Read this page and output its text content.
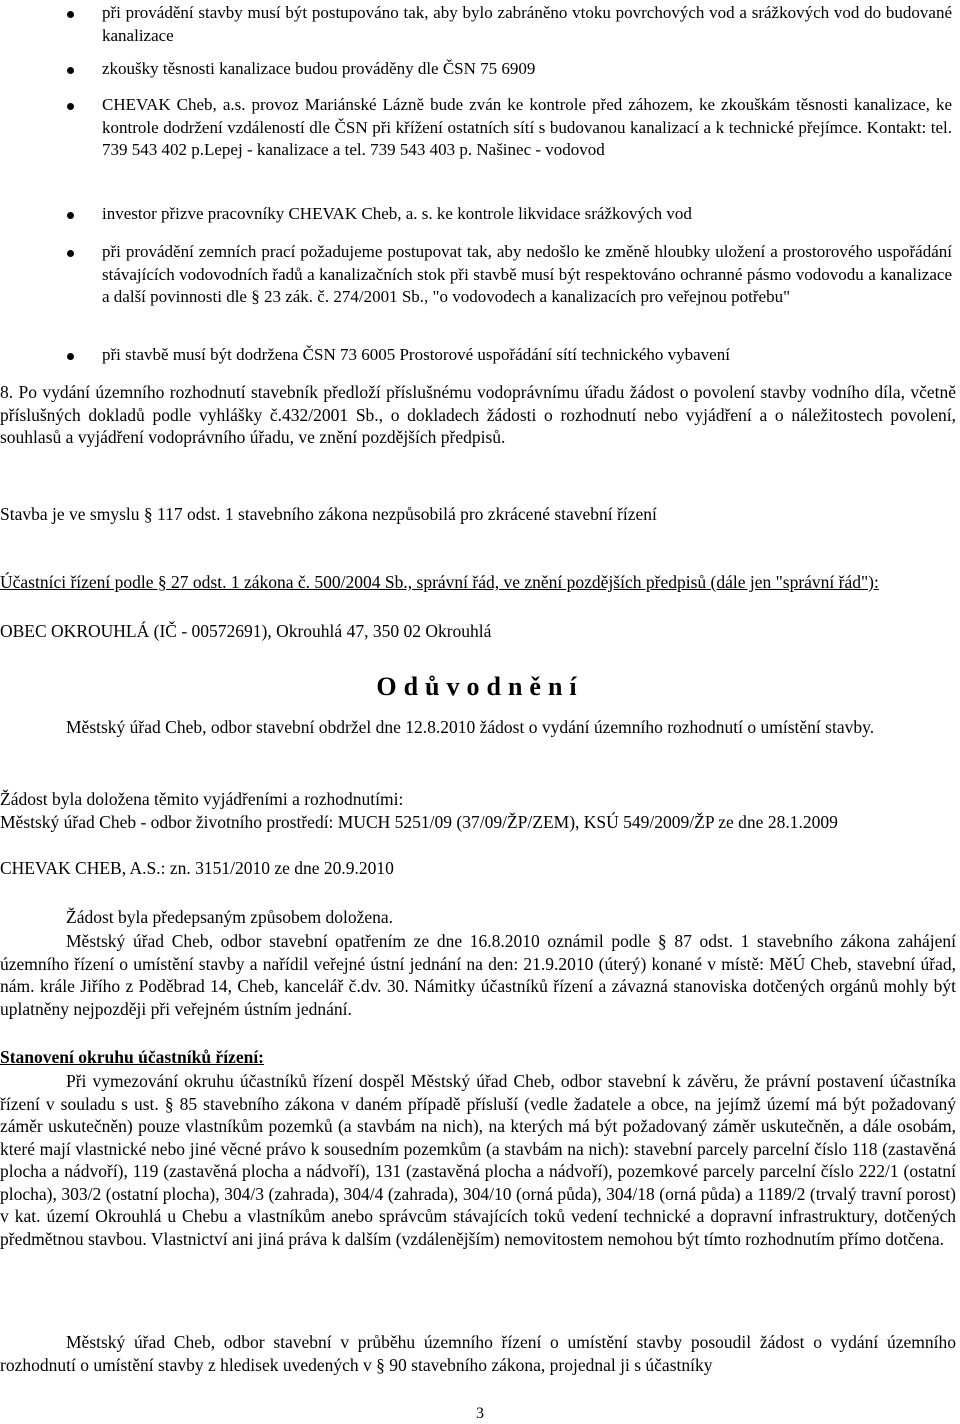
při provádění stavby musí být postupováno tak, aby bylo zabráněno vtoku povrchových vod a srážkových vod do budované kanalizace
zkoušky těsnosti kanalizace budou prováděny dle ČSN 75 6909
CHEVAK Cheb, a.s. provoz Mariánské Lázně bude zván ke kontrole před záhozem, ke zkouškám těsnosti kanalizace, ke kontrole dodržení vzdáleností dle ČSN při křížení ostatních sítí s budovanou kanalizací a k technické přejímce. Kontakt: tel. 739 543 402 p.Lepej - kanalizace a tel. 739 543 403 p. Našinec - vodovod
investor přizve pracovníky CHEVAK Cheb, a. s. ke kontrole likvidace srážkových vod
při provádění zemních prací požadujeme postupovat tak, aby nedošlo ke změně hloubky uložení a prostorového uspořádání stávajících vodovodních řadů a kanalizačních stok při stavbě musí být respektováno ochranné pásmo vodovodu a kanalizace a další povinnosti dle § 23 zák. č. 274/2001 Sb., "o vodovodech a kanalizacích pro veřejnou potřebu"
při stavbě musí být dodržena ČSN 73 6005 Prostorové uspořádání sítí technického vybavení

8. Po vydání územního rozhodnutí stavebník předloží příslušnému vodoprávnímu úřadu žádost o povolení stavby vodního díla, včetně příslušných dokladů podle vyhlášky č.432/2001 Sb., o dokladech žádosti o rozhodnutí nebo vyjádření a o náležitostech povolení, souhlasů a vyjádření vodoprávního úřadu, ve znění pozdějších předpisů.

Stavba je ve smyslu § 117 odst. 1 stavebního zákona nezpůsobilá pro zkrácené stavební řízení

Účastníci řízení podle § 27 odst. 1 zákona č. 500/2004 Sb., správní řád, ve znění pozdějších předpisů (dále jen "správní řád"):

OBEC OKROUHLÁ (IČ - 00572691), Okrouhlá 47, 350 02 Okrouhlá

Odůvodnění

Městský úřad Cheb, odbor stavební obdržel dne 12.8.2010 žádost o vydání územního rozhodnutí o umístění stavby.

Žádost byla doložena těmito vyjádřeními a rozhodnutími:

Městský úřad Cheb - odbor životního prostředí: MUCH 5251/09 (37/09/ŽP/ZEM), KSÚ 549/2009/ŽP ze dne 28.1.2009

CHEVAK CHEB, A.S.: zn. 3151/2010 ze dne 20.9.2010

Žádost byla předepsaným způsobem doložena.

Městský úřad Cheb, odbor stavební opatřením ze dne 16.8.2010 oznámil podle § 87 odst. 1 stavebního zákona zahájení územního řízení o umístění stavby a nařídil veřejné ústní jednání na den: 21.9.2010 (úterý) konané v místě: MěÚ Cheb, stavební úřad, nám. krále Jiřího z Poděbrad 14, Cheb, kancelář č.dv. 30. Námitky účastníků řízení a závazná stanoviska dotčených orgánů mohly být uplatněny nejpozději při veřejném ústním jednání.

Stanovení okruhu účastníků řízení:

Při vymezování okruhu účastníků řízení dospěl Městský úřad Cheb, odbor stavební k závěru, že právní postavení účastníka řízení v souladu s ust. § 85 stavebního zákona v daném případě přísluší (vedle žadatele a obce, na jejímž území má být požadovaný záměr uskutečněn) pouze vlastníkům pozemků (a stavbám na nich), na kterých má být požadovaný záměr uskutečněn, a dále osobám, které mají vlastnické nebo jiné věcné právo k sousedním pozemkům (a stavbám na nich): stavební parcely parcelní číslo 118 (zastavěná plocha a nádvoří), 119 (zastavěná plocha a nádvoří), 131 (zastavěná plocha a nádvoří), pozemkové parcely parcelní číslo 222/1 (ostatní plocha), 303/2 (ostatní plocha), 304/3 (zahrada), 304/4 (zahrada), 304/10 (orná půda), 304/18 (orná půda) a 1189/2 (trvalý travní porost) v kat. území Okrouhlá u Chebu a vlastníkům anebo správcům stávajících toků vedení technické a dopravní infrastruktury, dotčených předmětnou stavbou. Vlastnictví ani jiná práva k dalším (vzdálenějším) nemovitostem nemohou být tímto rozhodnutím přímo dotčena.

Městský úřad Cheb, odbor stavební v průběhu územního řízení o umístění stavby posoudil žádost o vydání územního rozhodnutí o umístění stavby z hledisek uvedených v § 90 stavebního zákona, projednal ji s účastníky

3
